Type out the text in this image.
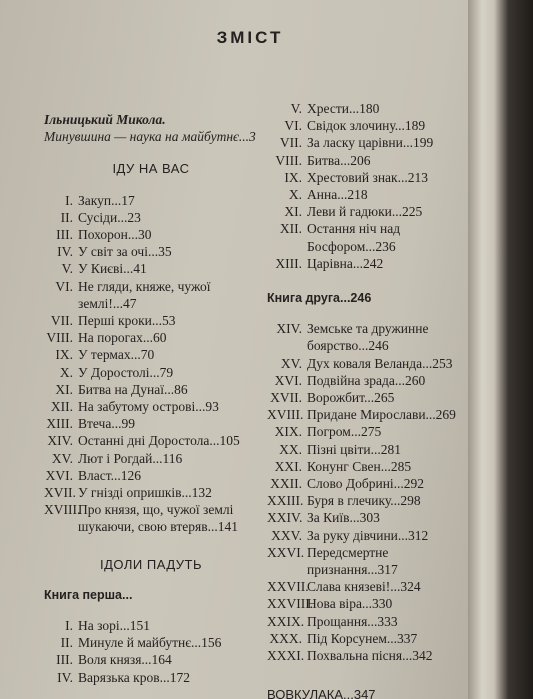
ЗМІСТ
Ільницький Микола.
Минувшина — наука на майбутнє...3
ІДУ НА ВАС
I. Закуп...17
II. Сусіди...23
III. Похорон...30
IV. У світ за очі...35
V. У Києві...41
VI. Не гляди, княже, чужої землі!...47
VII. Перші кроки...53
VIII. На порогах...60
IX. У термах...70
X. У Доростолі...79
XI. Битва на Дунаї...86
XII. На забутому острові...93
XIII. Втеча...99
XIV. Останні дні Доростола...105
XV. Лют і Рогдай...116
XVI. Власт...126
XVII. У гнізді опришків...132
XVIII.
Про князя, що, чужої землі шукаючи, свою втеряв...141
ІДОЛИ ПАДУТЬ
Книга перша...
I. На зорі...151
II. Минуле й майбутнє...156
III. Воля князя...164
IV. Варязька кров...172
V. Хрести...180
VI. Свідок злочину...189
VII. За ласку царівни...199
VIII. Битва...206
IX. Хрестовий знак...213
X. Анна...218
XI. Леви й гадюки...225
XII. Остання ніч над Босфором...236
XIII. Царівна...242
Книга друга...246
XIV. Земське та дружинне боярство...246
XV. Дух коваля Веланда...253
XVI. Подвійна зрада...260
XVII. Ворожбит...265
XVIII. Придане Мирослави...269
XIX. Погром...275
XX. Пізні цвіти...281
XXI. Конунг Свен...285
XXII. Слово Добрині...292
XXIII. Буря в глечику...298
XXIV. За Київ...303
XXV. За руку дівчини...312
XXVI. Передсмертне признання...317
XXVII.
Слава князеві!...324
XXVIII.
Нова віра...330
XXIX. Прощання...333
XXX. Під Корсунем...337
XXXI. Похвальна пісня...342
ВОВКУЛАКА...347
